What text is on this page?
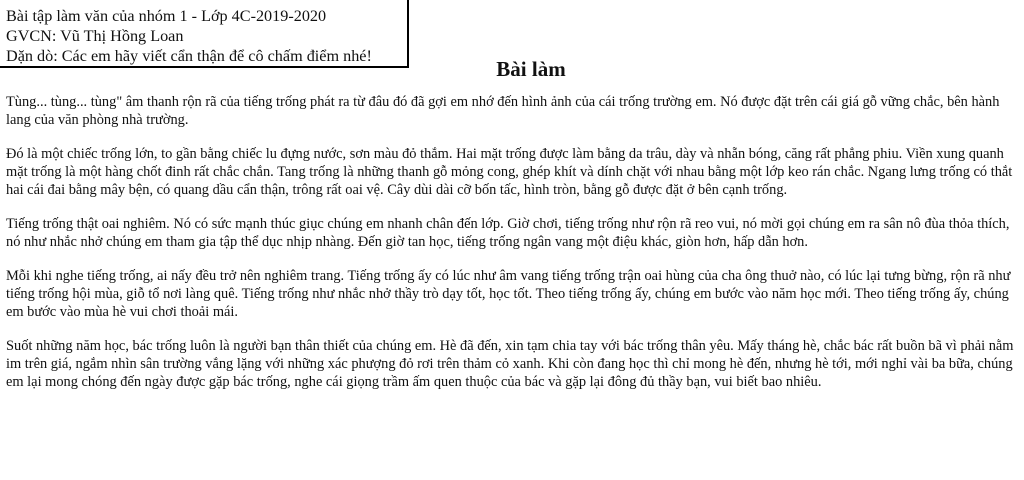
Bài tập làm văn của nhóm 1 - Lớp 4C-2019-2020
GVCN: Vũ Thị Hồng Loan
Dặn dò: Các em hãy viết cẩn thận để cô chấm điểm nhé!
Bài làm

Tùng... tùng... tùng" âm thanh rộn rã của tiếng trống phát ra từ đâu đó đã gợi em nhớ đến hình ảnh của cái trống trường em. Nó được đặt trên cái giá gỗ vững chắc, bên hành lang của văn phòng nhà trường.

Đó là một chiếc trống lớn, to gần bằng chiếc lu đựng nước, sơn màu đỏ thắm. Hai mặt trống được làm bằng da trâu, dày và nhẵn bóng, căng rất phẳng phiu. Viền xung quanh mặt trống là một hàng chốt đinh rất chắc chắn. Tang trống là những thanh gỗ mỏng cong, ghép khít và dính chặt với nhau bằng một lớp keo rán chắc. Ngang lưng trống có thắt hai cái đai bằng mây bện, có quang dầu cẩn thận, trông rất oai vệ. Cây dùi dài cỡ bốn tấc, hình tròn, bằng gỗ được đặt ở bên cạnh trống.

Tiếng trống thật oai nghiêm. Nó có sức mạnh thúc giục chúng em nhanh chân đến lớp. Giờ chơi, tiếng trống như rộn rã reo vui, nó mời gọi chúng em ra sân nô đùa thỏa thích, nó như nhắc nhở chúng em tham gia tập thể dục nhịp nhàng. Đến giờ tan học, tiếng trống ngân vang một điệu khác, giòn hơn, hấp dẫn hơn.

Mỗi khi nghe tiếng trống, ai nấy đều trở nên nghiêm trang. Tiếng trống ấy có lúc như âm vang tiếng trống trận oai hùng của cha ông thuở nào, có lúc lại tưng bừng, rộn rã như tiếng trống hội mùa, giỗ tổ nơi làng quê. Tiếng trống như nhắc nhở thầy trò dạy tốt, học tốt. Theo tiếng trống ấy, chúng em bước vào năm học mới. Theo tiếng trống ấy, chúng em bước vào mùa hè vui chơi thoải mái.

Suốt những năm học, bác trống luôn là người bạn thân thiết của chúng em. Hè đã đến, xin tạm chia tay với bác trống thân yêu. Mấy tháng hè, chắc bác rất buồn bã vì phải nằm im trên giá, ngắm nhìn sân trường vắng lặng với những xác phượng đỏ rơi trên thảm cỏ xanh. Khi còn đang học thì chỉ mong hè đến, nhưng hè tới, mới nghỉ vài ba bữa, chúng em lại mong chóng đến ngày được gặp bác trống, nghe cái giọng trầm ấm quen thuộc của bác và gặp lại đông đủ thầy bạn, vui biết bao nhiêu.
